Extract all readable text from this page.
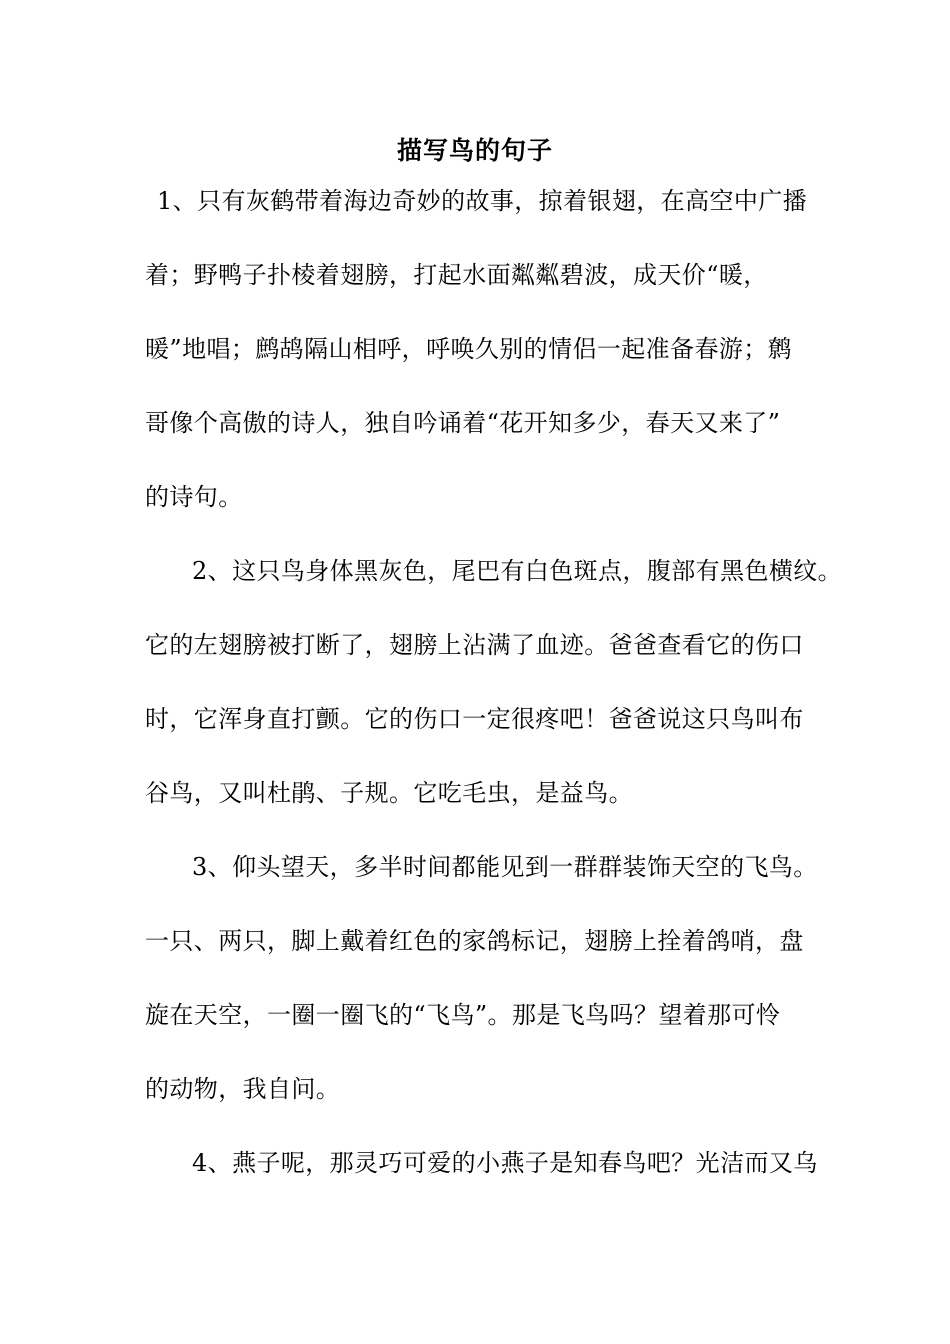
描写鸟的句子
1、只有灰鹤带着海边奇妙的故事，掠着银翅，在高空中广播
着；野鸭子扑棱着翅膀，打起水面粼粼碧波，成天价“暖，
暖”地唱；鹧鸪隔山相呼，呼唤久别的情侣一起准备春游；鹩
哥像个高傲的诗人，独自吟诵着“花开知多少，春天又来了”
的诗句。
2、这只鸟身体黑灰色，尾巴有白色斑点，腹部有黑色横纹。
它的左翅膀被打断了，翅膀上沾满了血迹。爸爸查看它的伤口
时，它浑身直打颤。它的伤口一定很疼吧！爸爸说这只鸟叫布
谷鸟，又叫杜鹃、子规。它吃毛虫，是益鸟。
3、仰头望天，多半时间都能见到一群群装饰天空的飞鸟。
一只、两只，脚上戴着红色的家鸽标记，翅膀上拴着鸽哨，盘
旋在天空，一圈一圈飞的“飞鸟”。那是飞鸟吗？望着那可怜
的动物，我自问。
4、燕子呢，那灵巧可爱的小燕子是知春鸟吧？光洁而又乌
